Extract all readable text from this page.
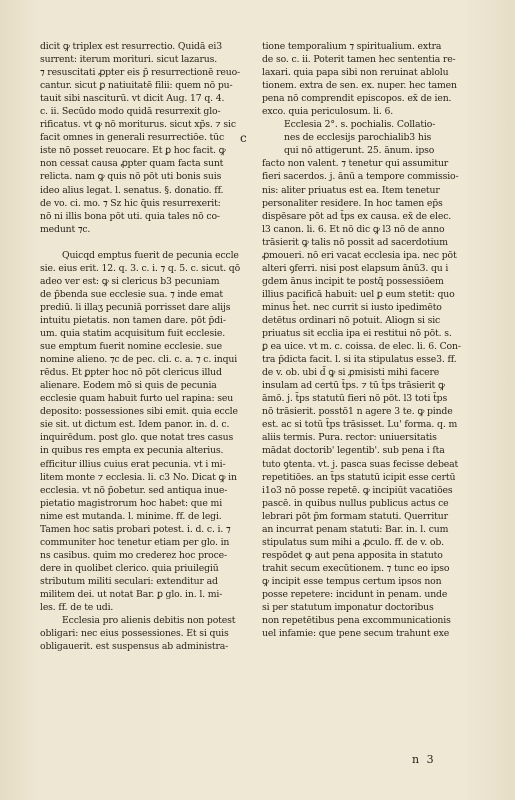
dicit ꝙ triplex est resurrectio. Quidā ei3
surrent: iterum morituri. sicut lazarus.
⁊ resuscitati ꝓpter eis p̄ resurrectionē reuo-
cantur. sicut ꝑ natiuitatē filii: quem nō pu-
tauit sibi nasciturū. vt dicit Aug. 17 q. 4.
c. ii. Secūdo modo quidā resurrexit glo-
rificatus. vt ꝙ nō moriturus. sicut xp̄s. ⁊ sic
facit omnes in generali resurrectiōe. tūc
iste nō posset reuocare. Et ꝑ hoc facit. ꝙ
non cessat causa ꝓpter quam facta sunt
relicta. nam ꝙ quis nō pōt uti bonis suis
ideo alius legat. l. senatus. §. donatio. ff.
de vo. ci. mo. ⁊ Sz hic q̄uis resurrexerit:
nō ni illis bona pōt uti. quia tales nō co-
medunt ⁊c.
Quicqd emptus fuerit de pecunia eccle
sie. eius erit. 12. q. 3. c. i. ⁊ q. 5. c. sicut. qō
adeo ver est: ꝙ si clericus b3 pecuniam
de p̄benda sue ecclesie sua. ⁊ inde emat
prediū. li illaʒ pecuniā porrisset dare alijs
intuitu pietatis. non tamen dare. pōt p̄di-
um. quia statim acquisitum fuit ecclesie.
sue emptum fuerit nomine ecclesie. sue
nomine alieno. ⁊c de pec. cli. c. a. ⁊ c. inqui
rēdus. Et ꝑpter hoc nō pōt clericus illud
alienare. Eodem mō si quis de pecunia
ecclesie quam habuit furto uel rapina: seu
deposito: possessiones sibi emit. quia eccle
sie sit. ut dictum est. Idem panor. in. d. c.
inquirēdum. post glo. que notat tres casus
in quibus res empta ex pecunia alterius.
efficitur illius cuius erat pecunia. vt i mi-
litem monte ⁊ ecclesia. li. c3 No. Dicat ꝙ in
ecclesia. vt nō p̄obetur. sed antiqua inue-
pietatio magistrorum hoc habet: que mi
nime est mutanda. l. minime. ff. de legi.
Tamen hoc satis probari potest. i. d. c. i. ⁊
communiter hoc tenetur etiam per glo. in
ns casibus. quim mo crederez hoc proce-
dere in quolibet clerico. quia priuilegiū
stributum militi seculari: extenditur ad
militem dei. ut notat Bar. ꝑ glo. in. l. mi-
les. ff. de te udi.
Ecclesia pro alienis debitis non potest
obligari: nec eius possessiones. Et si quis
obligauerit. est suspensus ab administra-
tione temporalium ⁊ spiritualium. extra
de so. c. ii. Poterit tamen hec sententia re-
laxari. quia papa sibi non reruinat ablolu
tionem. extra de sen. ex. nuper. hec tamen
pena nō comprendit episcopos. ex̄ de ien.
exco. quia periculosum. li. 6.
Ecclesia 2°. s. pochialis. Collatio-
c	nes de ecclesijs parochialib3 his
qui nō attigerunt. 25. ānum. ipso
facto non valent. ⁊ tenetur qui assumitur
fieri sacerdos. j. ānū a tempore commissio-
nis: aliter priuatus est ea. Item tenetur
personaliter residere. In hoc tamen ep̄s
dispēsare pōt ad t̄ps ex causa. ex̄ de elec.
l3 canon. li. 6. Et nō dic ꝙ l3 nō de anno
trāsierit ꝙ talis nō possit ad sacerdotium
ꝓmoueri. nō eri vacat ecclesia ipa. nec pōt
alteri ꝯferri. nisi post elapsum ānū3. qu i
gdem ānus incipit te postq̄ possessiōem
illius pacificā habuit: uel ꝑ eum stetit: quo
minus h̄et. nec currit si iusto ipedimēto
detētus ordinari nō potuit. Aliogn si sic
priuatus sit ecclia ipa ei restitui nō pōt. s.
ꝑ ea uice. vt m. c. coissa. de elec. li. 6. Con-
tra p̄dicta facit. l. si ita stipulatus esse3. ff.
de v. ob. ubi d̄ ꝙ si ꝓmisisti mihi facere
insulam ad certū t̄ps. ⁊ tū t̄ps trāsierit ꝙ
āmō. j. t̄ps statutū fieri nō pōt. l3 toti t̄ps
nō trāsierit. posstō1 n agere 3 te. ꝙ pinde
est. ac si totū t̄ps trāsisset. Lu' forma. q. m
aliis termis. Pura. rector: uniuersitatis
mādat doctorib' legentib'. sub pena i ſta
tuto ꝯtenta. vt. j. pasca suas fecisse debeat
repetitiōes. an t̄ps statutū icipit esse certū
i1o3 nō posse repetē. ꝙ incipiūt vacatiōes
pascē. in quibus nullus publicus actus ce
lebrari pōt p̄m formam statuti. Querritur
an incurrat penam statuti: Bar. in. l. cum
stipulatus sum mihi a ꝓculo. ff. de v. ob.
respōdet ꝙ aut pena apposita in statuto
trahit secum execūtionem. ⁊ tunc eo ipso
ꝙ incipit esse tempus certum ipsos non
posse repetere: incidunt in penam. unde
si per statutum imponatur doctoribus
non repetētibus pena excommunicationis
uel infamie: que pene secum trahunt exe
n 3
